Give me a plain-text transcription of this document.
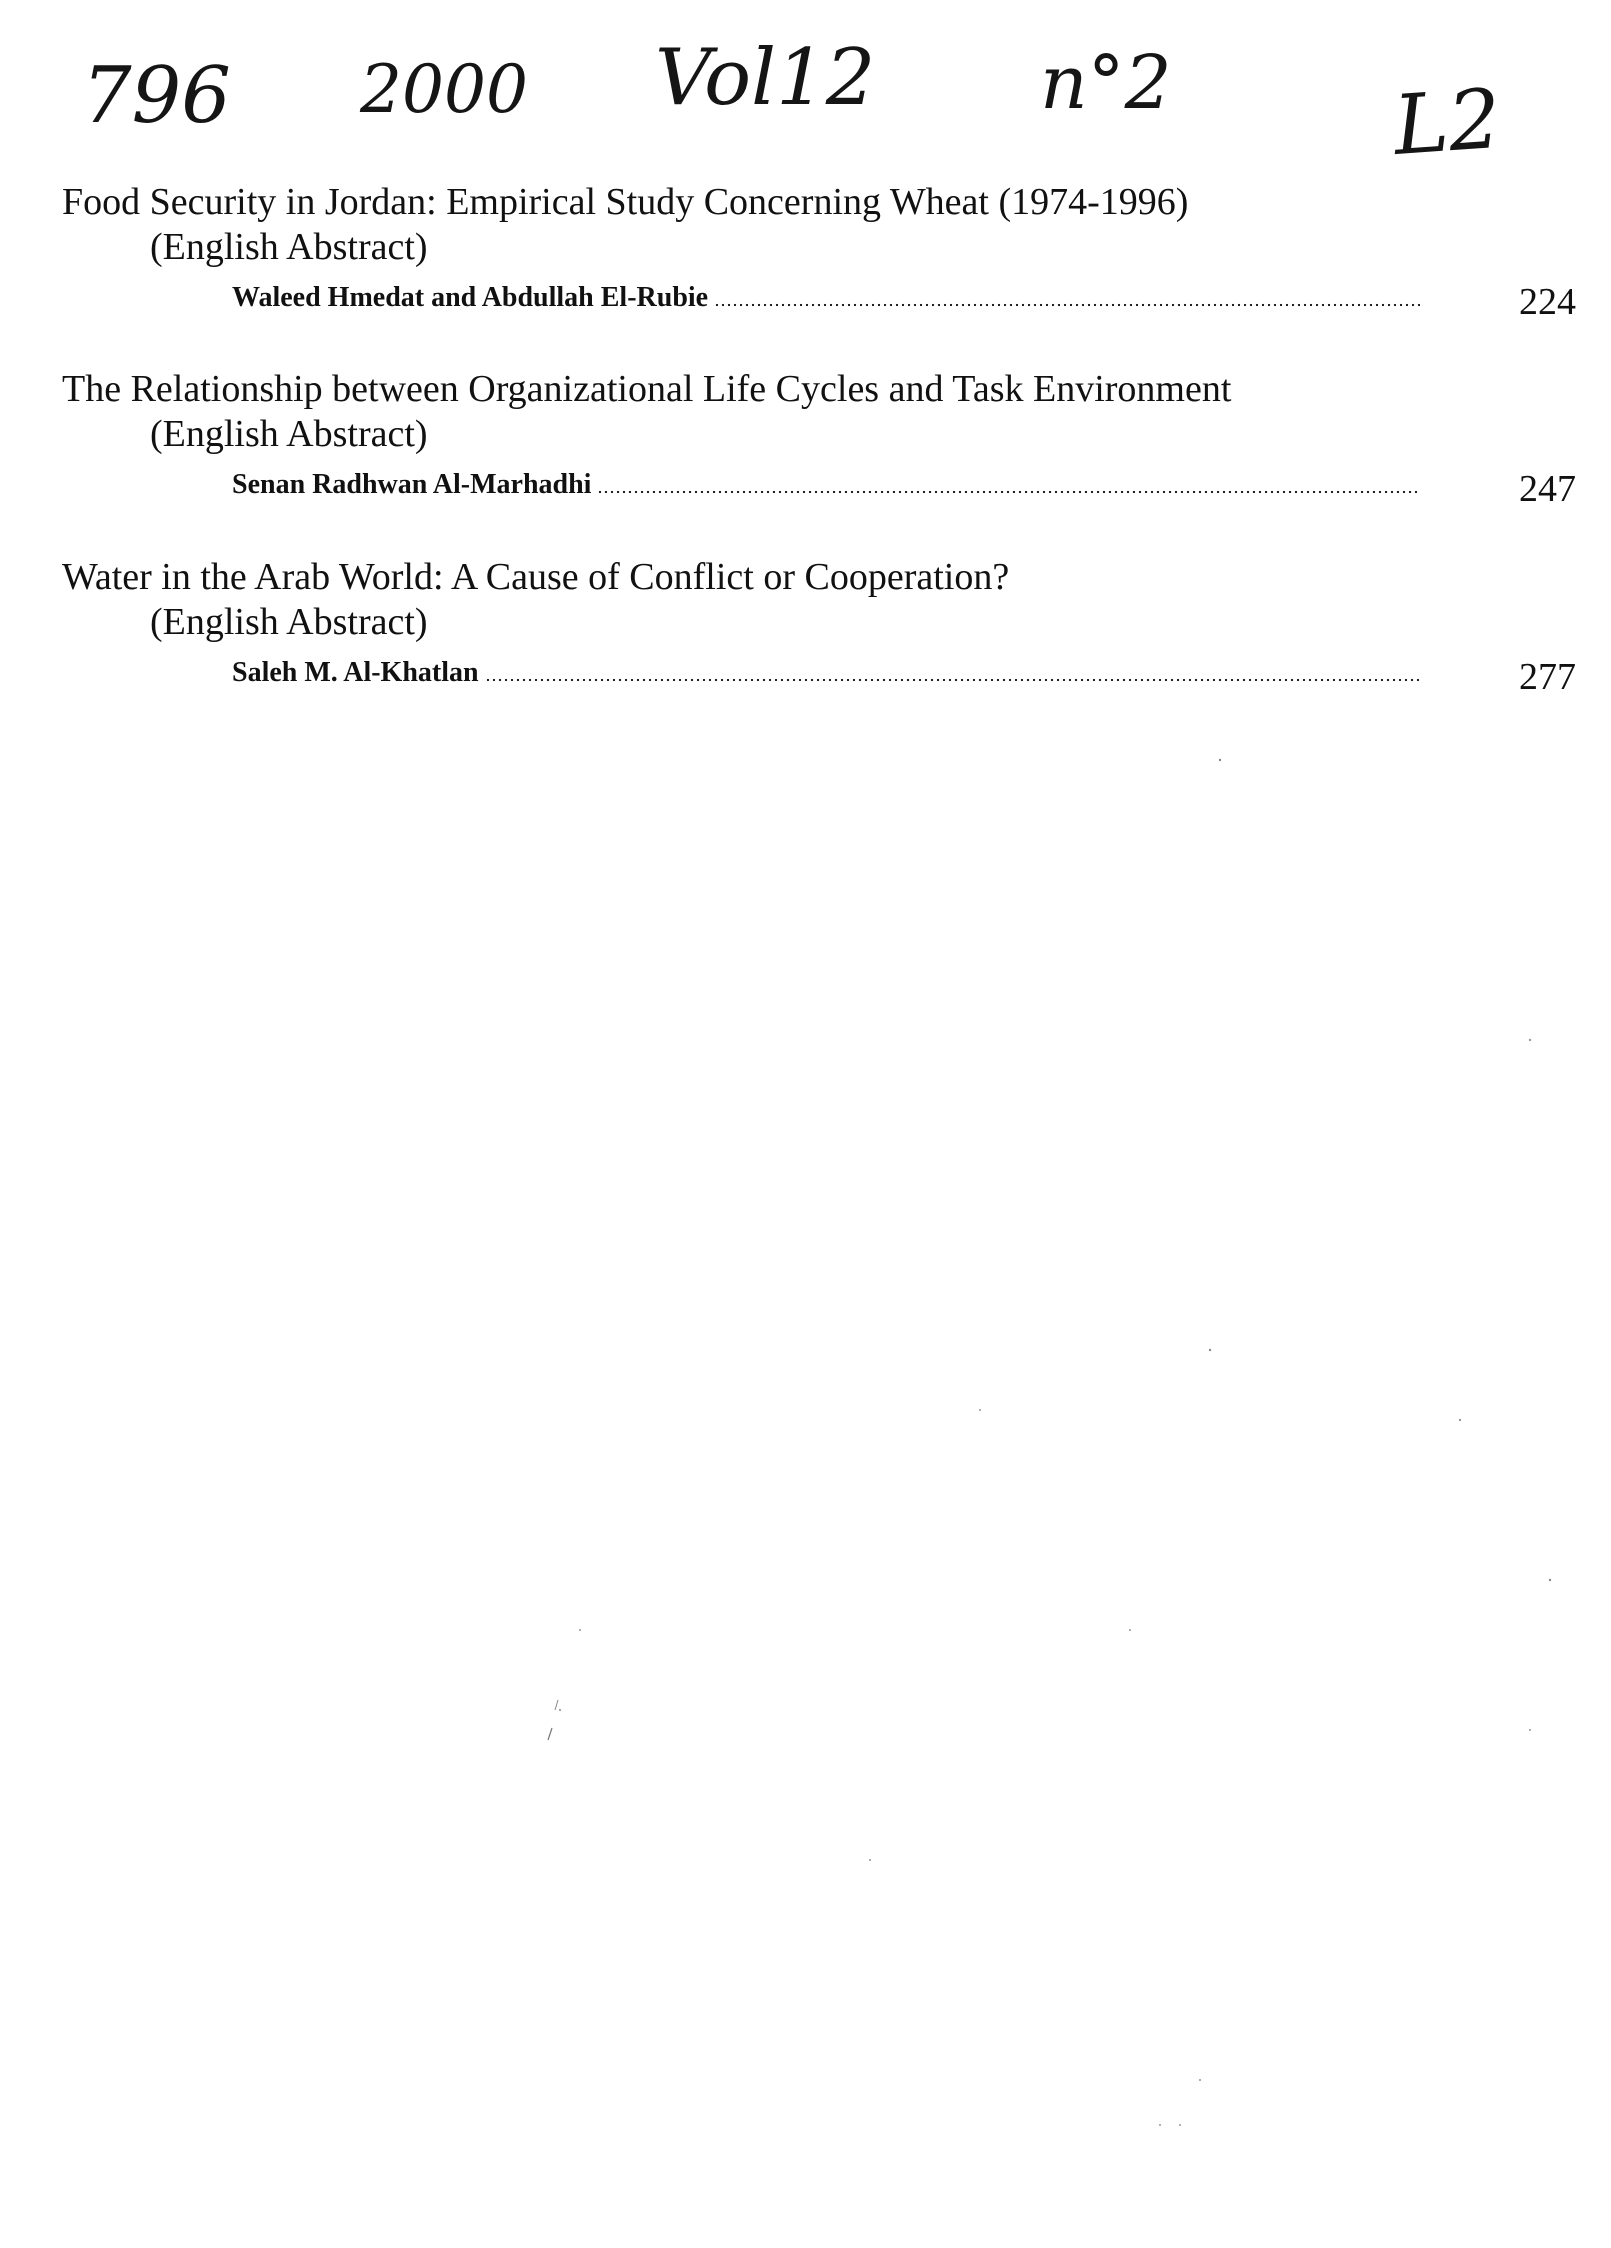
796 2000 Vol12 n°2	L2
Food Security in Jordan: Empirical Study Concerning Wheat (1974-1996)
(English Abstract)
Waleed Hmedat and Abdullah El-Rubie	224
The Relationship between Organizational Life Cycles and Task Environment
(English Abstract)
Senan Radhwan Al-Marhadhi	247
Water in the Arab World: A Cause of Conflict or Cooperation?
(English Abstract)
Saleh M. Al-Khatlan	277
